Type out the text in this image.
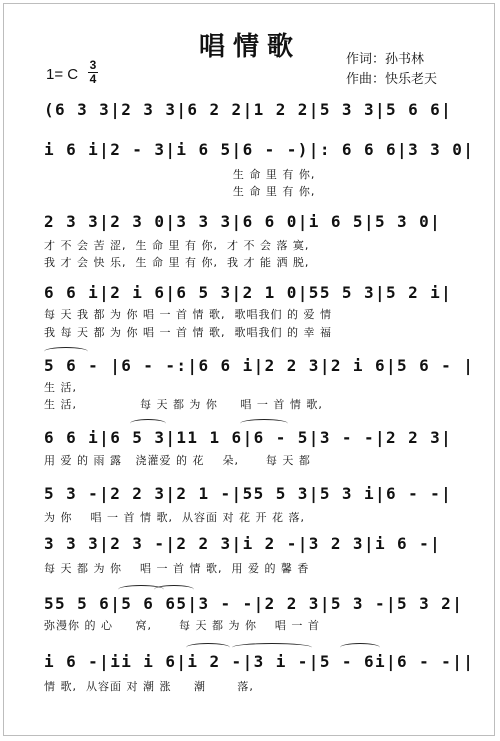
唱情歌	作词：孙书林
作曲：快乐老天
1= C
3
4
(6 3 3|2 3 3|6 2 2|1 2 2|5 3 3|5 6 6|
i 6 i|2 - 3|i 6 5|6 - -)|: 6 6 6|3 3 0|
生 命 里 有 你,
生 命 里 有 你,
2 3 3|2 3 0|3 3 3|6 6 0|i 6 5|5 3 0|
才 不 会 苦 涩,  生 命 里 有 你,  才 不 会 落 寞,
我 才 会 快 乐,  生 命 里 有 你,  我 才 能 洒 脱,
6 6 i|2 i 6|6 5 3|2 1 0|55 5 3|5 2 i|
每 天 我 都 为 你 唱 一 首 情 歌,  歌唱我们 的 爱 情
我 每 天 都 为 你 唱 一 首 情 歌,  歌唱我们 的 幸 福
5 6 - |6 - -:|6 6 i|2 2 3|2 i 6|5 6 - |
生 活,
生 活,              每 天 都 为 你     唱 一 首 情 歌,
6 6 i|6 5 3|11 1 6|6 - 5|3 - -|2 2 3|
用 爱 的 雨 露   浇灌爱 的 花    朵,      每 天 都
5 3 -|2 2 3|2 1 -|55 5 3|5 3 i|6 - -|
为 你    唱 一 首 情 歌,  从容面 对 花 开 花 落,
3 3 3|2 3 -|2 2 3|i 2 -|3 2 3|i 6 -|
每 天 都 为 你    唱 一 首 情 歌,  用 爱 的 馨 香
55 5 6|5 6 65|3 - -|2 2 3|5 3 -|5 3 2|
弥漫你 的 心     窝,      每 天 都 为 你    唱 一 首
i 6 -|ii i 6|i 2 -|3 i -|5 - 6i|6 - -||
情 歌,  从容面 对 潮 涨     潮       落,
